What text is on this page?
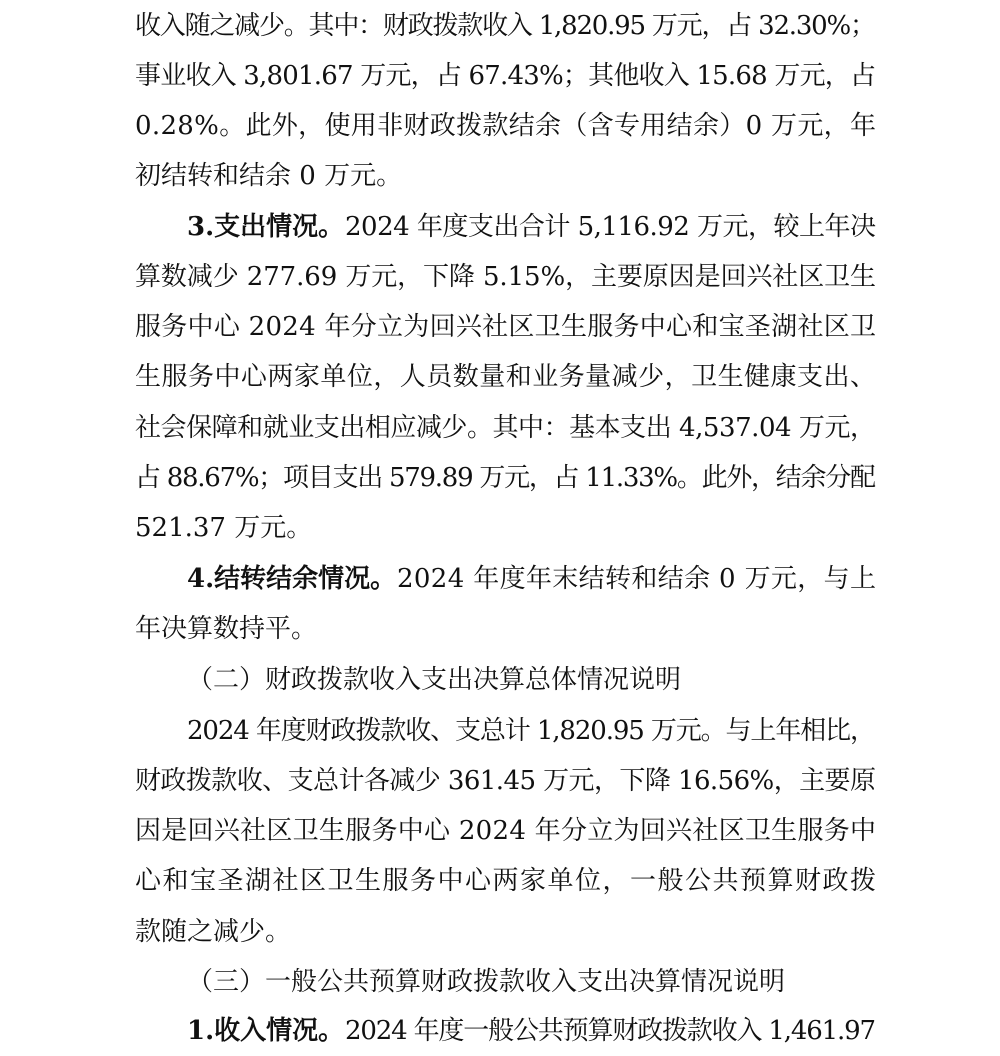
收入随之减少。其中：财政拨款收入 1,820.95 万元，占 32.30%；
事业收入 3,801.67 万元，占 67.43%；其他收入 15.68 万元，占
0.28%。此外，使用非财政拨款结余（含专用结余）0 万元，年
初结转和结余 0 万元。
3.支出情况。 2024 年度支出合计 5,116.92 万元，较上年决
算数减少 277.69 万元，下降 5.15%，主要原因是回兴社区卫生
服务中心 2024 年分立为回兴社区卫生服务中心和宝圣湖社区卫
生服务中心两家单位，人员数量和业务量减少，卫生健康支出、
社会保障和就业支出相应减少。其中：基本支出 4,537.04 万元，
占 88.67%；项目支出 579.89 万元，占 11.33%。此外，结余分配
521.37 万元。
4.结转结余情况。 2024 年度年末结转和结余 0 万元，与上
年决算数持平。
（二）财政拨款收入支出决算总体情况说明
2024 年度财政拨款收、支总计 1,820.95 万元。与上年相比，
财政拨款收、支总计各减少 361.45 万元，下降 16.56%，主要原
因是回兴社区卫生服务中心 2024 年分立为回兴社区卫生服务中
心和宝圣湖社区卫生服务中心两家单位，一般公共预算财政拨
款随之减少。
（三）一般公共预算财政拨款收入支出决算情况说明
1.收入情况。 2024 年度一般公共预算财政拨款收入 1,461.97
